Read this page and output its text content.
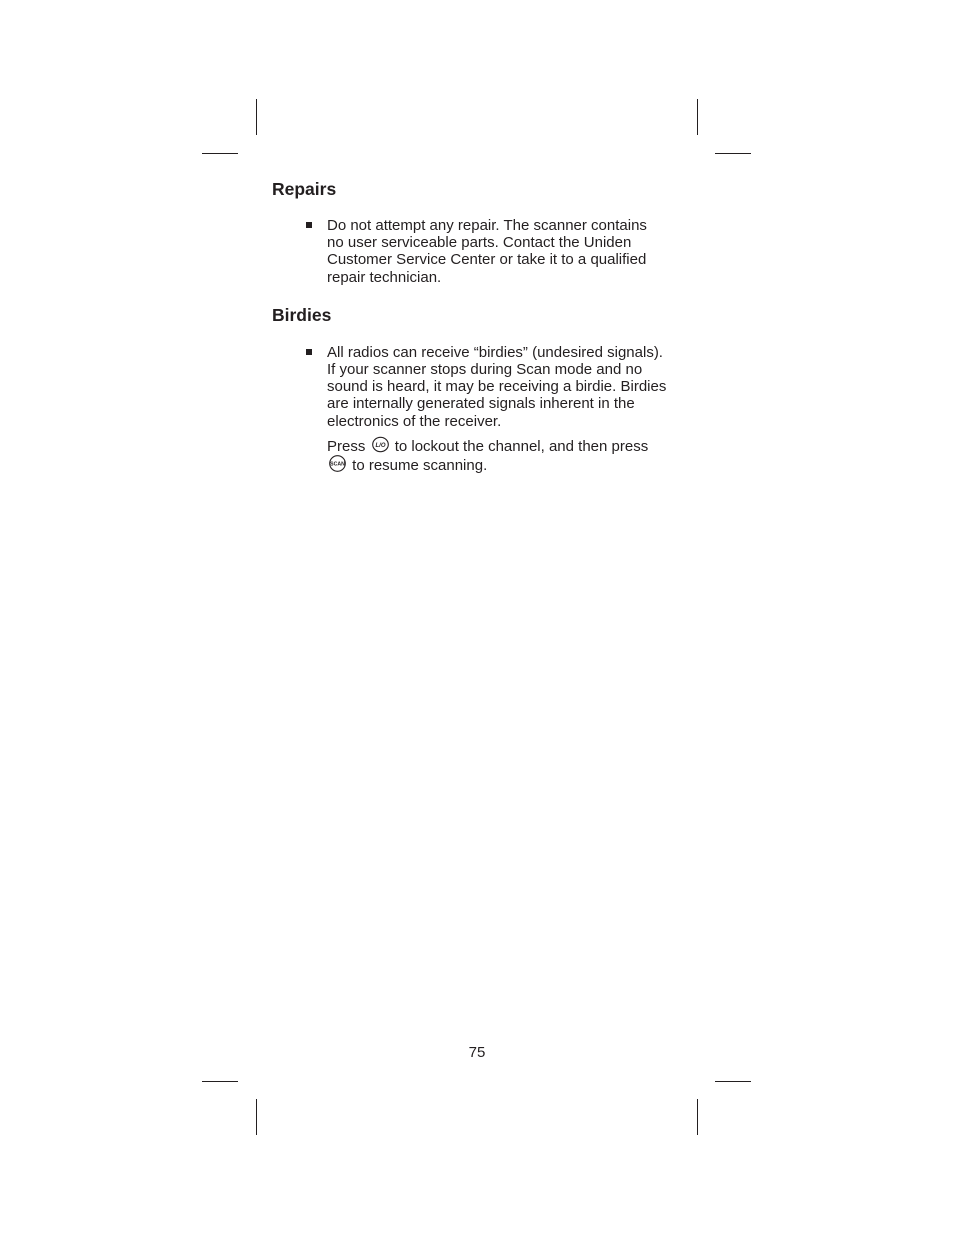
Repairs
Do not attempt any repair. The scanner contains
no user serviceable parts. Contact the Uniden
Customer Service Center or take it to a qualified
repair technician.
Birdies
All radios can receive “birdies” (undesired signals).
If your scanner stops during Scan mode and no
sound is heard, it may be receiving a birdie. Birdies
are internally generated signals inherent in the
electronics of the receiver.
Press L/O to lockout the channel, and then press
SCAN to resume scanning.
75
